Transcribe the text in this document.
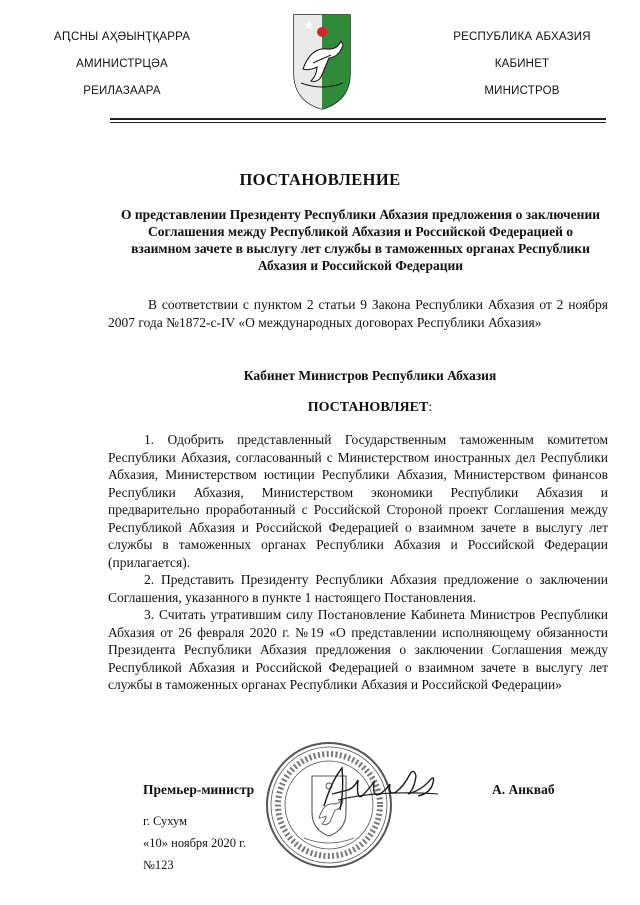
АԤСНЫ АҲӘЫНҬҚАРРА
АМИНИСТРЦӘА
РЕИЛАЗААРА
РЕСПУБЛИКА АБХАЗИЯ
КАБИНЕТ
МИНИСТРОВ
ПОСТАНОВЛЕНИЕ
О представлении Президенту Республики Абхазия предложения о заключении Соглашения между Республикой Абхазия и Российской Федерацией о взаимном зачете в выслугу лет службы в таможенных органах Республики Абхазия и Российской Федерации
В соответствии с пунктом 2 статьи 9 Закона Республики Абхазия от 2 ноября 2007 года №1872-с-IV «О международных договорах Республики Абхазия»
Кабинет Министров Республики Абхазия
ПОСТАНОВЛЯЕТ:

1. Одобрить представленный Государственным таможенным комитетом Республики Абхазия, согласованный с Министерством иностранных дел Республики Абхазия, Министерством юстиции Республики Абхазия, Министерством финансов Республики Абхазия, Министерством экономики Республики Абхазия и предварительно проработанный с Российской Стороной проект Соглашения между Республикой Абхазия и Российской Федерацией о взаимном зачете в выслугу лет службы в таможенных органах Республики Абхазия и Российской Федерации (прилагается).

2. Представить Президенту Республики Абхазия предложение о заключении Соглашения, указанного в пункте 1 настоящего Постановления.

3. Считать утратившим силу Постановление Кабинета Министров Республики Абхазия от 26 февраля 2020 г. №19 «О представлении исполняющему обязанности Президента Республики Абхазия предложения о заключении Соглашения между Республикой Абхазия и Российской Федерацией о взаимном зачете в выслугу лет службы в таможенных органах Республики Абхазия и Российской Федерации»

Премьер-министр	А. Анкваб
г. Сухум
«10» ноября 2020 г.
№123
